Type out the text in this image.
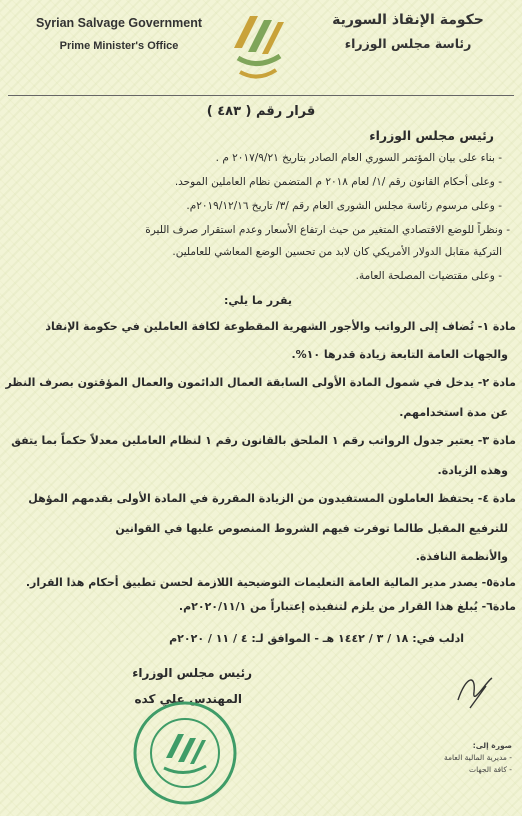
Syrian Salvage Government
Prime Minister's Office
حكومة الإنقاذ السورية
رئاسة مجلس الوزراء
قرار رقم ( ٤٨٣ )
رئيس مجلس الوزراء
- بناء على بيان المؤتمر السوري العام الصادر بتاريخ ٢٠١٧/٩/٢١ م .
- وعلى أحكام القانون رقم /١/ لعام ٢٠١٨ م المتضمن نظام العاملين الموحد.
- وعلى مرسوم رئاسة مجلس الشورى العام رقم /٣/ تاريخ ٢٠١٩/١٢/١٦م.
- ونظراً للوضع الاقتصادي المتغير من حيث ارتفاع الأسعار وعدم استقرار صرف الليرة
التركية مقابل الدولار الأمريكي كان لابد من تحسين الوضع المعاشي للعاملين.
- وعلى مقتضيات المصلحة العامة.
يقرر ما يلي:
مادة ١- تُضاف إلى الرواتب والأجور الشهرية المقطوعة لكافة العاملين في حكومة الإنقاذ
والجهات العامة التابعة زيادة قدرها ١٠%.
مادة ٢- يدخل في شمول المادة الأولى السابقة العمال الدائمون والعمال المؤقتون بصرف النظر
عن مدة استخدامهم.
مادة ٣- يعتبر جدول الرواتب رقم ١ الملحق بالقانون رقم ١ لنظام العاملين معدلاً حكماً بما يتفق
وهذه الزيادة.
مادة ٤- يحتفظ العاملون المستفيدون من الزيادة المقررة في المادة الأولى بقدمهم المؤهل
للترفيع المقبل طالما توفرت فيهم الشروط المنصوص عليها في القوانين
والأنظمة النافذة.
مادة٥- يصدر مدير المالية العامة التعليمات التوضيحية اللازمة لحسن تطبيق أحكام هذا القرار.
مادة٦- يُبلغ هذا القرار من يلزم لتنفيذه إعتباراً من ٢٠٢٠/١١/١م.
ادلب في: ١٨ / ٣ / ١٤٤٢ هـ - الموافق لـ: ٤ / ١١ / ٢٠٢٠م
رئيس مجلس الوزراء
المهندس علي كده
صورة إلى:
- مديرية المالية العامة
- كافة الجهات
